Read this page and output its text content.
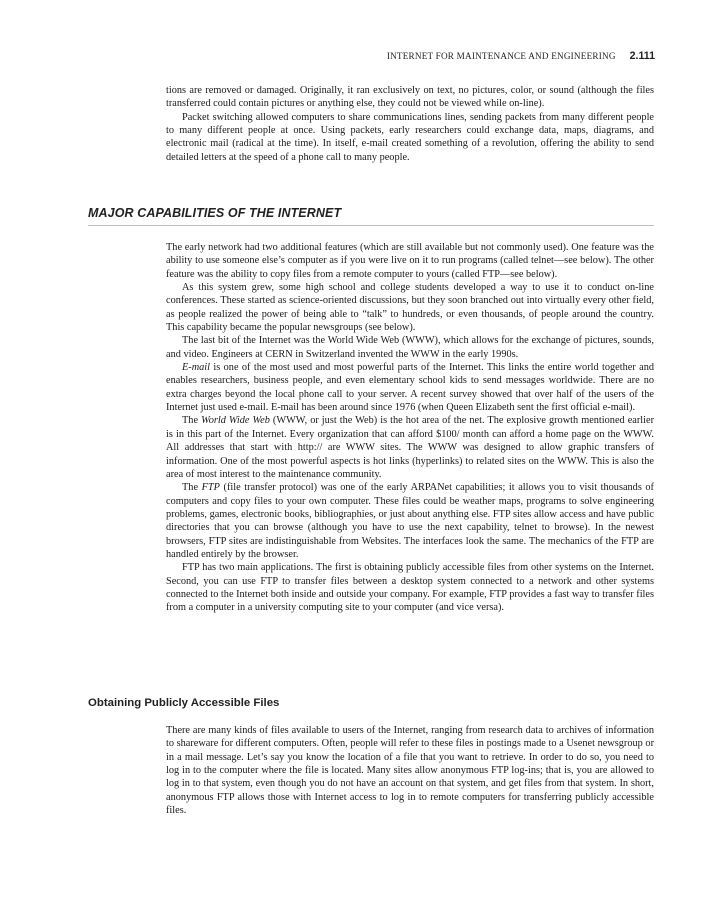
INTERNET FOR MAINTENANCE AND ENGINEERING 2.111

tions are removed or damaged. Originally, it ran exclusively on text, no pictures, color, or sound (although the files transferred could contain pictures or anything else, they could not be viewed while on-line).

Packet switching allowed computers to share communications lines, sending packets from many different people to many different people at once. Using packets, early researchers could exchange data, maps, diagrams, and electronic mail (radical at the time). In itself, e-mail created something of a revolution, offering the ability to send detailed letters at the speed of a phone call to many people.

MAJOR CAPABILITIES OF THE INTERNET

The early network had two additional features (which are still available but not commonly used). One feature was the ability to use someone else’s computer as if you were live on it to run programs (called telnet—see below). The other feature was the ability to copy files from a remote computer to yours (called FTP—see below).

As this system grew, some high school and college students developed a way to use it to conduct on-line conferences. These started as science-oriented discussions, but they soon branched out into virtually every other field, as people realized the power of being able to “talk” to hundreds, or even thousands, of people around the country. This capability became the popular newsgroups (see below).

The last bit of the Internet was the World Wide Web (WWW), which allows for the exchange of pictures, sounds, and video. Engineers at CERN in Switzerland invented the WWW in the early 1990s.

E-mail is one of the most used and most powerful parts of the Internet. This links the entire world together and enables researchers, business people, and even elementary school kids to send messages worldwide. There are no extra charges beyond the local phone call to your server. A recent survey showed that over half of the users of the Internet just used e-mail. E-mail has been around since 1976 (when Queen Elizabeth sent the first official e-mail).

The World Wide Web (WWW, or just the Web) is the hot area of the net. The explosive growth mentioned earlier is in this part of the Internet. Every organization that can afford $100/ month can afford a home page on the WWW. All addresses that start with http:// are WWW sites. The WWW was designed to allow graphic transfers of information. One of the most powerful aspects is hot links (hyperlinks) to related sites on the WWW. This is also the area of most interest to the maintenance community.

The FTP (file transfer protocol) was one of the early ARPANet capabilities; it allows you to visit thousands of computers and copy files to your own computer. These files could be weather maps, programs to solve engineering problems, games, electronic books, bibliographies, or just about anything else. FTP sites allow access and have public directories that you can browse (although you have to use the next capability, telnet to browse). In the newest browsers, FTP sites are indistinguishable from Websites. The interfaces look the same. The mechanics of the FTP are handled entirely by the browser.

FTP has two main applications. The first is obtaining publicly accessible files from other systems on the Internet. Second, you can use FTP to transfer files between a desktop system connected to a network and other systems connected to the Internet both inside and outside your company. For example, FTP provides a fast way to transfer files from a computer in a university computing site to your computer (and vice versa).

Obtaining Publicly Accessible Files

There are many kinds of files available to users of the Internet, ranging from research data to archives of information to shareware for different computers. Often, people will refer to these files in postings made to a Usenet newsgroup or in a mail message. Let’s say you know the location of a file that you want to retrieve. In order to do so, you need to log in to the computer where the file is located. Many sites allow anonymous FTP log-ins; that is, you are allowed to log in to that system, even though you do not have an account on that system, and get files from that system. In short, anonymous FTP allows those with Internet access to log in to remote computers for transferring publicly accessible files.
